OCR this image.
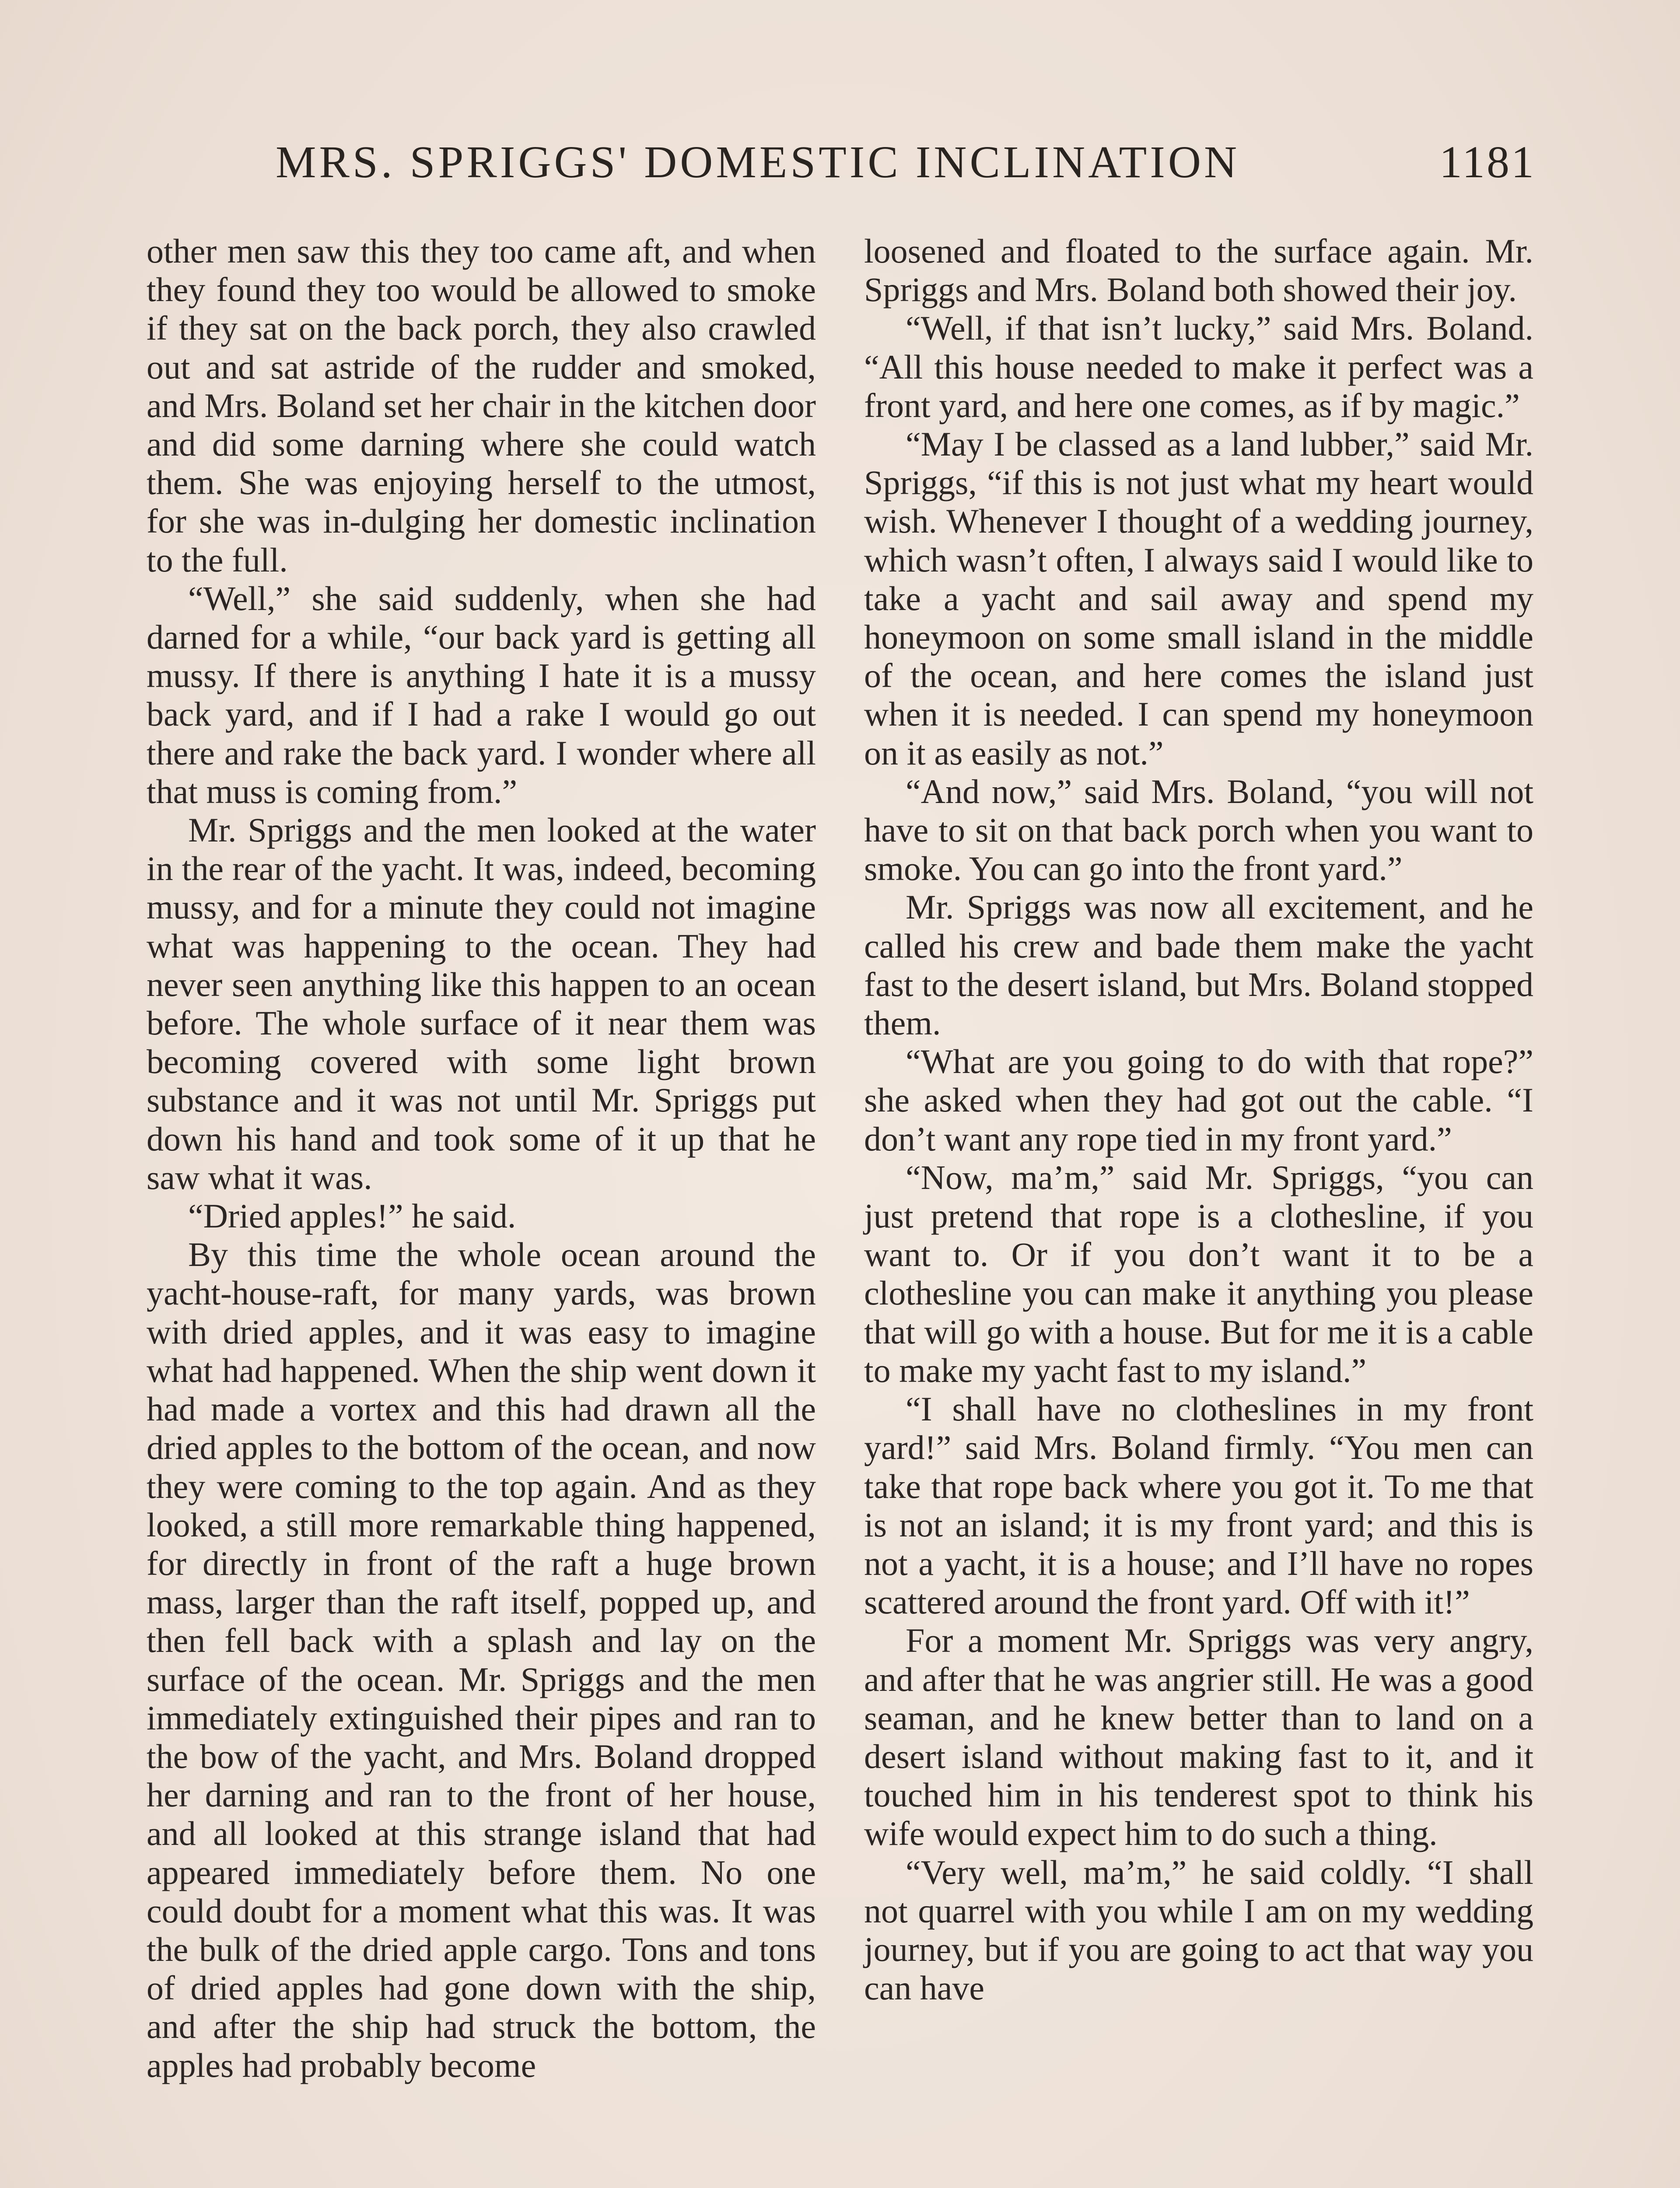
MRS. SPRIGGS' DOMESTIC INCLINATION	1181

other men saw this they too came aft, and when they found they too would be allowed to smoke if they sat on the back porch, they also crawled out and sat astride of the rudder and smoked, and Mrs. Boland set her chair in the kitchen door and did some darning where she could watch them. She was enjoying herself to the utmost, for she was in-dulging her domestic inclination to the full.

“Well,” she said suddenly, when she had darned for a while, “our back yard is getting all mussy. If there is anything I hate it is a mussy back yard, and if I had a rake I would go out there and rake the back yard. I wonder where all that muss is coming from.”

Mr. Spriggs and the men looked at the water in the rear of the yacht. It was, indeed, becoming mussy, and for a minute they could not imagine what was happening to the ocean. They had never seen anything like this happen to an ocean before. The whole surface of it near them was becoming covered with some light brown substance and it was not until Mr. Spriggs put down his hand and took some of it up that he saw what it was.

“Dried apples!” he said.

By this time the whole ocean around the yacht-house-raft, for many yards, was brown with dried apples, and it was easy to imagine what had happened. When the ship went down it had made a vortex and this had drawn all the dried apples to the bottom of the ocean, and now they were coming to the top again. And as they looked, a still more remarkable thing happened, for directly in front of the raft a huge brown mass, larger than the raft itself, popped up, and then fell back with a splash and lay on the surface of the ocean. Mr. Spriggs and the men immediately extinguished their pipes and ran to the bow of the yacht, and Mrs. Boland dropped her darning and ran to the front of her house, and all looked at this strange island that had appeared immediately before them. No one could doubt for a moment what this was. It was the bulk of the dried apple cargo. Tons and tons of dried apples had gone down with the ship, and after the ship had struck the bottom, the apples had probably become

loosened and floated to the surface again. Mr. Spriggs and Mrs. Boland both showed their joy.

“Well, if that isn’t lucky,” said Mrs. Boland. “All this house needed to make it perfect was a front yard, and here one comes, as if by magic.”

“May I be classed as a land lubber,” said Mr. Spriggs, “if this is not just what my heart would wish. Whenever I thought of a wedding journey, which wasn’t often, I always said I would like to take a yacht and sail away and spend my honeymoon on some small island in the middle of the ocean, and here comes the island just when it is needed. I can spend my honeymoon on it as easily as not.”

“And now,” said Mrs. Boland, “you will not have to sit on that back porch when you want to smoke. You can go into the front yard.”

Mr. Spriggs was now all excitement, and he called his crew and bade them make the yacht fast to the desert island, but Mrs. Boland stopped them.

“What are you going to do with that rope?” she asked when they had got out the cable. “I don’t want any rope tied in my front yard.”

“Now, ma’m,” said Mr. Spriggs, “you can just pretend that rope is a clothesline, if you want to. Or if you don’t want it to be a clothesline you can make it anything you please that will go with a house. But for me it is a cable to make my yacht fast to my island.”

“I shall have no clotheslines in my front yard!” said Mrs. Boland firmly. “You men can take that rope back where you got it. To me that is not an island; it is my front yard; and this is not a yacht, it is a house; and I’ll have no ropes scattered around the front yard. Off with it!”

For a moment Mr. Spriggs was very angry, and after that he was angrier still. He was a good seaman, and he knew better than to land on a desert island without making fast to it, and it touched him in his tenderest spot to think his wife would expect him to do such a thing.

“Very well, ma’m,” he said coldly. “I shall not quarrel with you while I am on my wedding journey, but if you are going to act that way you can have
